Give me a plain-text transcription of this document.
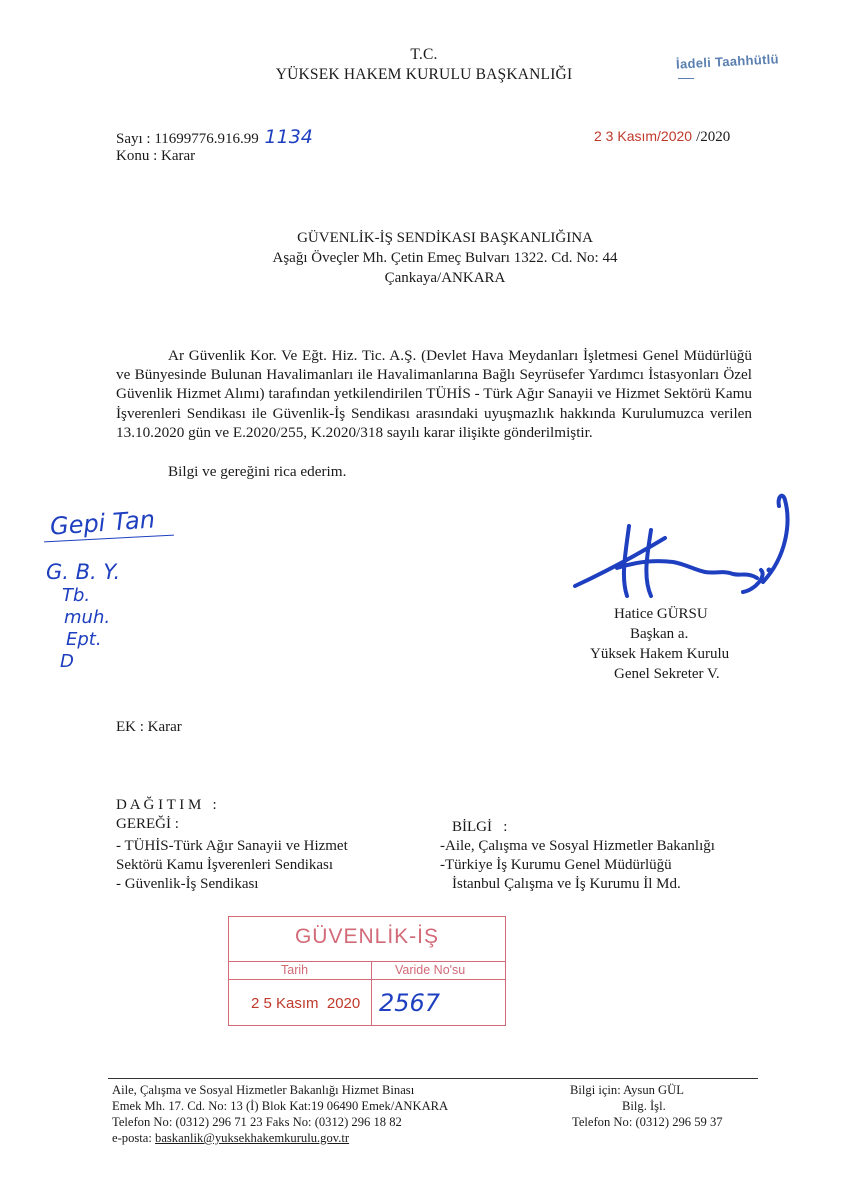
T.C.
YÜKSEK HAKEM KURULU BAŞKANLIĞI
İadeli Taahhütlü
Sayı : 11699776.916.99 1134
Konu : Karar
2 3 Kasım/2020 /2020
GÜVENLİK-İŞ SENDİKASI BAŞKANLIĞINA
Aşağı Öveçler Mh. Çetin Emeç Bulvarı 1322. Cd. No: 44
Çankaya/ANKARA
Ar Güvenlik Kor. Ve Eğt. Hiz. Tic. A.Ş. (Devlet Hava Meydanları İşletmesi Genel Müdürlüğü ve Bünyesinde Bulunan Havalimanları ile Havalimanlarına Bağlı Seyrüsefer Yardımcı İstasyonları Özel Güvenlik Hizmet Alımı) tarafından yetkilendirilen TÜHİS - Türk Ağır Sanayii ve Hizmet Sektörü Kamu İşverenleri Sendikası ile Güvenlik-İş Sendikası arasındaki uyuşmazlık hakkında Kurulumuzca verilen 13.10.2020 gün ve E.2020/255, K.2020/318 sayılı karar ilişikte gönderilmiştir.
Bilgi ve gereğini rica ederim.
Gepi Tan
G. B. Y.
Tb.
muh.
Ept.
D
Hatice GÜRSU
Başkan a.
Yüksek Hakem Kurulu
Genel Sekreter V.
EK : Karar
D A Ğ I T I M   :
GEREĞİ :
- TÜHİS-Türk Ağır Sanayii ve Hizmet
Sektörü Kamu İşverenleri Sendikası
- Güvenlik-İş Sendikası
BİLGİ   :
-Aile, Çalışma ve Sosyal Hizmetler Bakanlığı
-Türkiye İş Kurumu Genel Müdürlüğü
İstanbul Çalışma ve İş Kurumu İl Md.
GÜVENLİK-İŞ
Tarih	Varide No'su
2 5 Kasım  2020 2567
Aile, Çalışma ve Sosyal Hizmetler Bakanlığı Hizmet Binası
Emek Mh. 17. Cd. No: 13 (İ) Blok Kat:19 06490 Emek/ANKARA
Telefon No: (0312) 296 71 23 Faks No: (0312) 296 18 82
e-posta: baskanlik@yuksekhakemkurulu.gov.tr
Bilgi için: Aysun GÜL
Bilg. İşl.
Telefon No: (0312) 296 59 37
